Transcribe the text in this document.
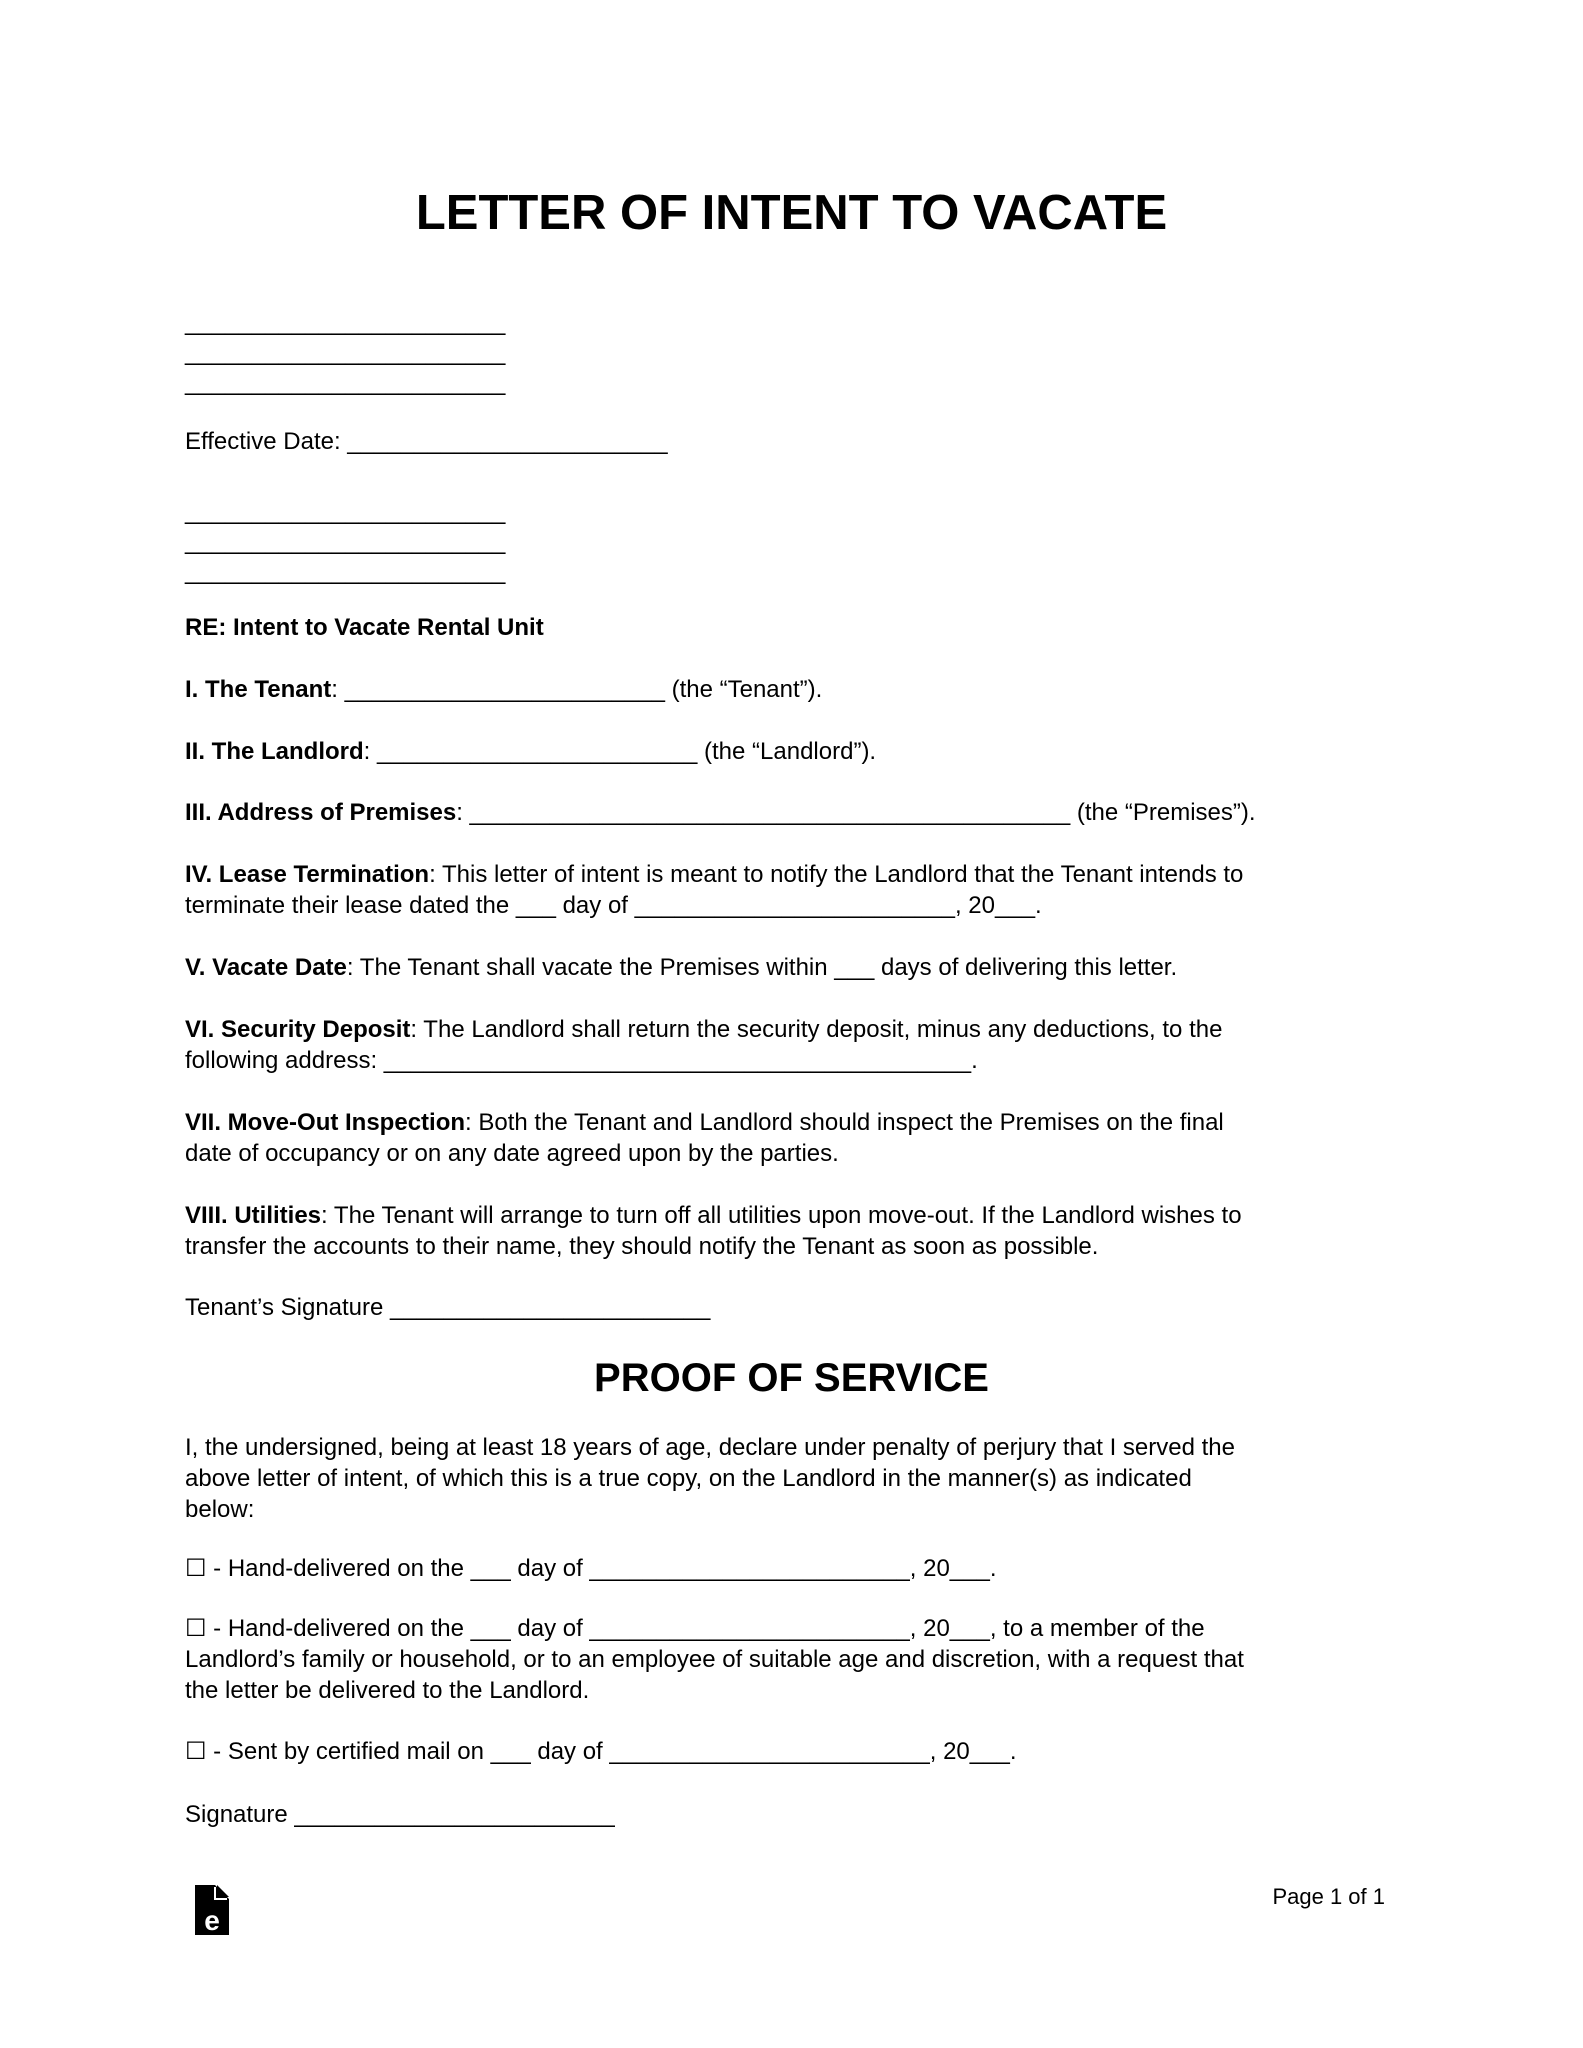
LETTER OF INTENT TO VACATE
________________________
________________________
________________________
Effective Date: ________________________
________________________
________________________
________________________
RE: Intent to Vacate Rental Unit
I. The Tenant: ________________________ (the “Tenant”).
II. The Landlord: ________________________ (the “Landlord”).
III. Address of Premises: _____________________________________________ (the “Premises”).
IV. Lease Termination: This letter of intent is meant to notify the Landlord that the Tenant intends to
terminate their lease dated the ___ day of ________________________, 20___.
V. Vacate Date: The Tenant shall vacate the Premises within ___ days of delivering this letter.
VI. Security Deposit: The Landlord shall return the security deposit, minus any deductions, to the
following address: ____________________________________________.
VII. Move-Out Inspection: Both the Tenant and Landlord should inspect the Premises on the final
date of occupancy or on any date agreed upon by the parties.
VIII. Utilities: The Tenant will arrange to turn off all utilities upon move-out. If the Landlord wishes to
transfer the accounts to their name, they should notify the Tenant as soon as possible.
Tenant’s Signature ________________________
PROOF OF SERVICE
I, the undersigned, being at least 18 years of age, declare under penalty of perjury that I served the
above letter of intent, of which this is a true copy, on the Landlord in the manner(s) as indicated
below:
☐ - Hand-delivered on the ___ day of ________________________, 20___.
☐ - Hand-delivered on the ___ day of ________________________, 20___, to a member of the
Landlord’s family or household, or to an employee of suitable age and discretion, with a request that
the letter be delivered to the Landlord.
☐ - Sent by certified mail on ___ day of ________________________, 20___.
Signature ________________________
e
Page 1 of 1
